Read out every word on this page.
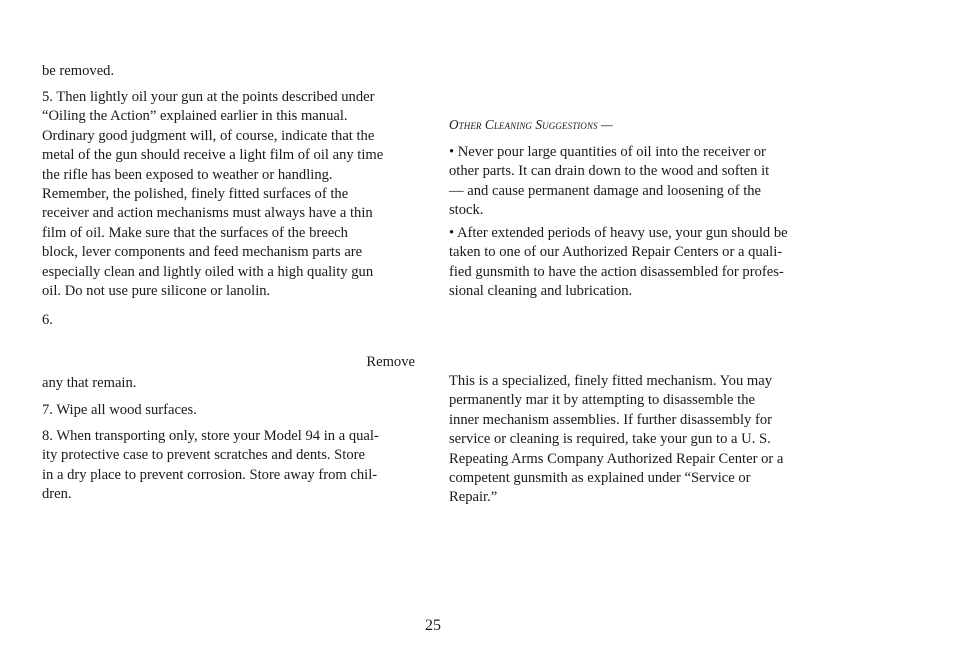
be removed.

5. Then lightly oil your gun at the points described under
“Oiling the Action” explained earlier in this manual.
Ordinary good judgment will, of course, indicate that the
metal of the gun should receive a light film of oil any time
the rifle has been exposed to weather or handling.
Remember, the polished, finely fitted surfaces of the
receiver and action mechanisms must always have a thin
film of oil. Make sure that the surfaces of the breech
block, lever components and feed mechanism parts are
especially clean and lightly oiled with a high quality gun
oil. Do not use pure silicone or lanolin.

6.

Remove

any that remain.

7. Wipe all wood surfaces.

8. When transporting only, store your Model 94 in a qual-
ity protective case to prevent scratches and dents. Store
in a dry place to prevent corrosion. Store away from chil-
dren.

Other Cleaning Suggestions —

• Never pour large quantities of oil into the receiver or
other parts. It can drain down to the wood and soften it
— and cause permanent damage and loosening of the
stock.

• After extended periods of heavy use, your gun should be
taken to one of our Authorized Repair Centers or a quali-
fied gunsmith to have the action disassembled for profes-
sional cleaning and lubrication.

This is a specialized, finely fitted mechanism. You may
permanently mar it by attempting to disassemble the
inner mechanism assemblies. If further disassembly for
service or cleaning is required, take your gun to a U. S.
Repeating Arms Company Authorized Repair Center or a
competent gunsmith as explained under “Service or
Repair.”

25
